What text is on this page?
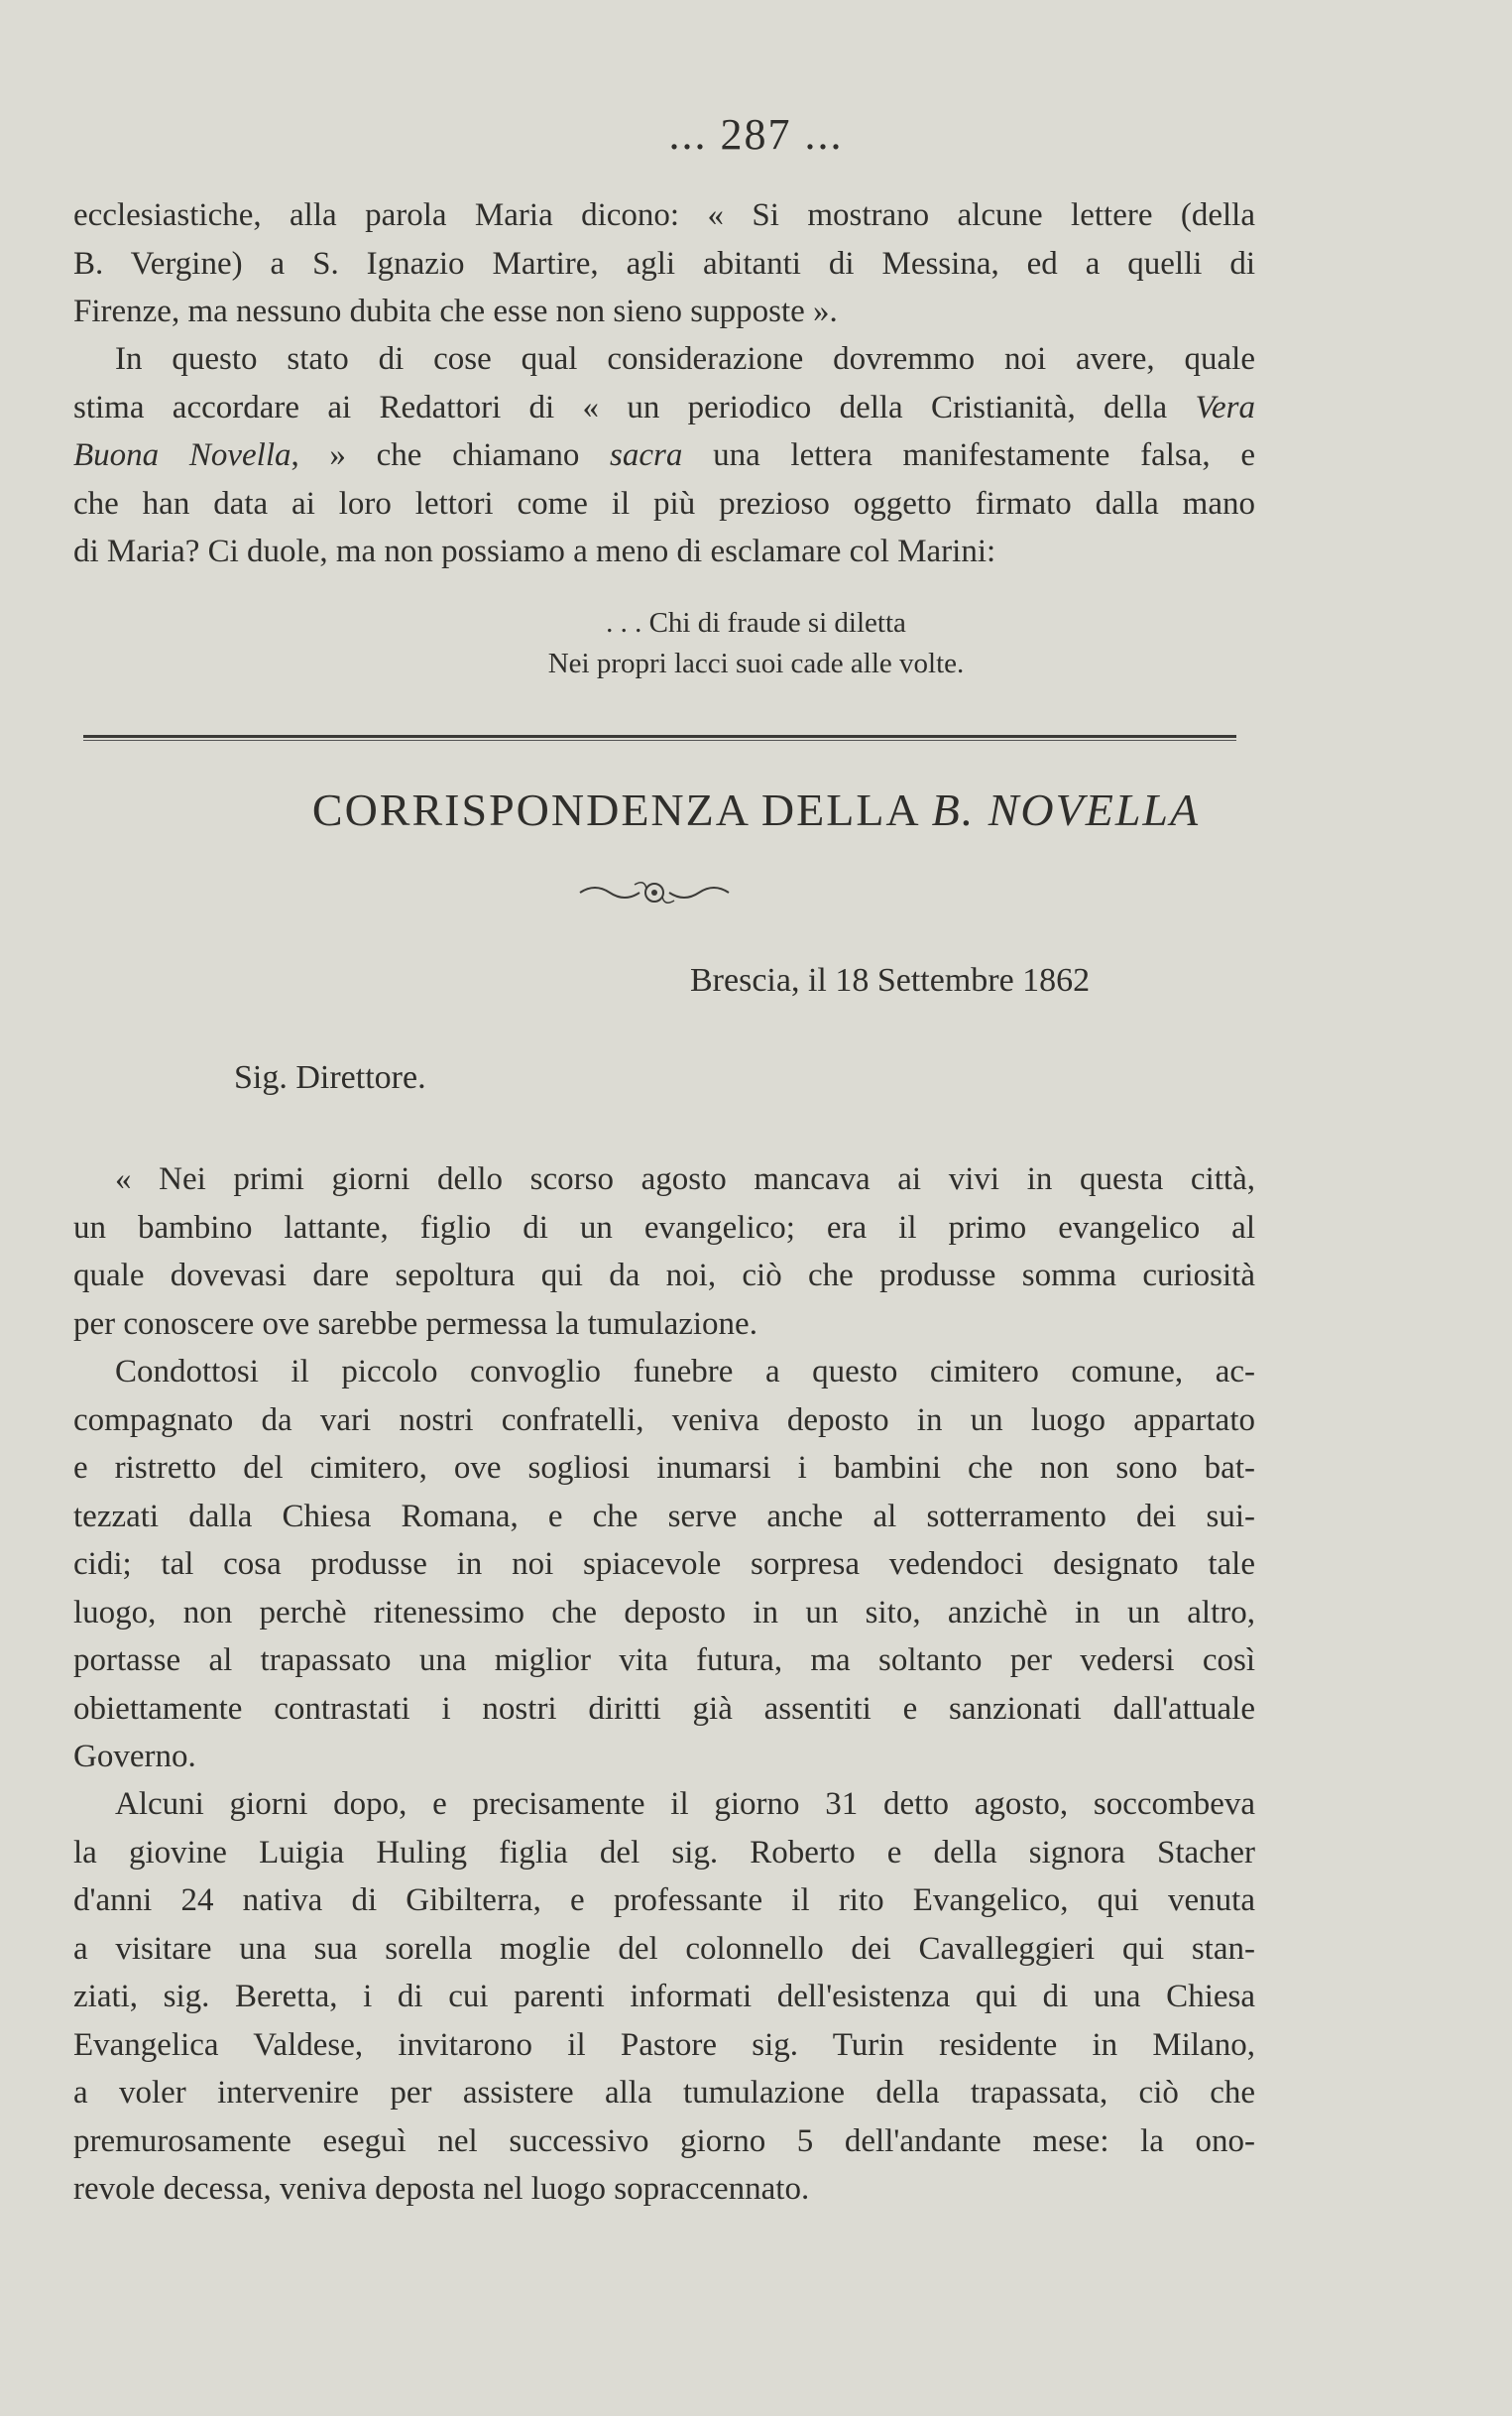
... 287 ...
ecclesiastiche, alla parola Maria dicono: « Si mostrano alcune lettere (della
B. Vergine) a S. Ignazio Martire, agli abitanti di Messina, ed a quelli di
Firenze, ma nessuno dubita che esse non sieno supposte ».
In questo stato di cose qual considerazione dovremmo noi avere, quale
stima accordare ai Redattori di « un periodico della Cristianità, della Vera
Buona Novella, » che chiamano sacra una lettera manifestamente falsa, e
che han data ai loro lettori come il più prezioso oggetto firmato dalla mano
di Maria? Ci duole, ma non possiamo a meno di esclamare col Marini:
. . . Chi di fraude si diletta
Nei propri lacci suoi cade alle volte.
CORRISPONDENZA DELLA B. NOVELLA
Brescia, il 18 Settembre 1862
Sig. Direttore.
« Nei primi giorni dello scorso agosto mancava ai vivi in questa città,
un bambino lattante, figlio di un evangelico; era il primo evangelico al
quale dovevasi dare sepoltura qui da noi, ciò che produsse somma curiosità
per conoscere ove sarebbe permessa la tumulazione.
Condottosi il piccolo convoglio funebre a questo cimitero comune, ac-
compagnato da vari nostri confratelli, veniva deposto in un luogo appartato
e ristretto del cimitero, ove sogliosi inumarsi i bambini che non sono bat-
tezzati dalla Chiesa Romana, e che serve anche al sotterramento dei sui-
cidi; tal cosa produsse in noi spiacevole sorpresa vedendoci designato tale
luogo, non perchè ritenessimo che deposto in un sito, anzichè in un altro,
portasse al trapassato una miglior vita futura, ma soltanto per vedersi così
obiettamente contrastati i nostri diritti già assentiti e sanzionati dall'attuale
Governo.
Alcuni giorni dopo, e precisamente il giorno 31 detto agosto, soccombeva
la giovine Luigia Huling figlia del sig. Roberto e della signora Stacher
d'anni 24 nativa di Gibilterra, e professante il rito Evangelico, qui venuta
a visitare una sua sorella moglie del colonnello dei Cavalleggieri qui stan-
ziati, sig. Beretta, i di cui parenti informati dell'esistenza qui di una Chiesa
Evangelica Valdese, invitarono il Pastore sig. Turin residente in Milano,
a voler intervenire per assistere alla tumulazione della trapassata, ciò che
premurosamente eseguì nel successivo giorno 5 dell'andante mese: la ono-
revole decessa, veniva deposta nel luogo sopraccennato.
